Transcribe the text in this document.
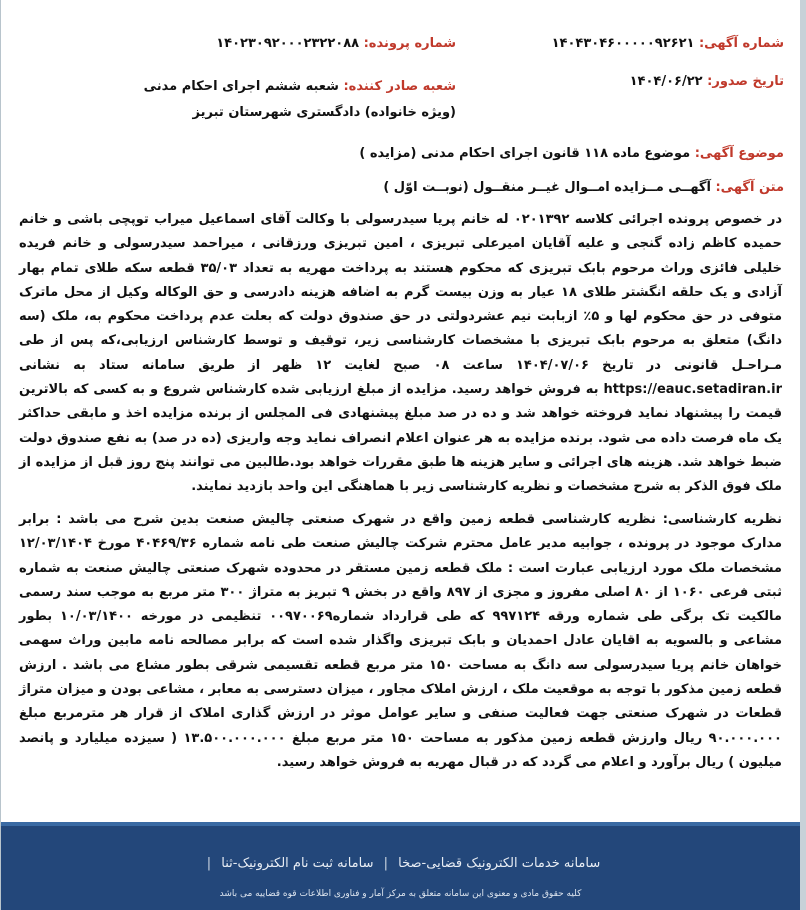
شماره آگهی: ۱۴۰۴۳۰۴۶۰۰۰۰۰۹۲۶۲۱
شماره پرونده: ۱۴۰۲۳۰۹۲۰۰۰۲۳۲۲۰۸۸
تاریخ صدور: ۱۴۰۴/۰۶/۲۲
شعبه صادر کننده: شعبه ششم اجرای احکام مدنی (ویژه خانواده) دادگستری شهرستان تبریز
موضوع آگهی: موضوع ماده ۱۱۸ قانون اجرای احکام مدنی (مزایده )
متن آگهی: آگهــی مــزایده امــوال غیــر منقــول (نوبــت اوّل )
در خصوص پرونده اجرائی کلاسه ۰۲۰۱۳۹۲ له خانم پریا سیدرسولی با وکالت آقای اسماعیل میراب توپچی باشی و خانم حمیده کاظم زاده گنجی و علیه آقایان امیرعلی تبریزی ، امین تبریزی ورزقانی ، میراحمد سیدرسولی و خانم فریده خلیلی فائزی وراث مرحوم بابک تبریزی که محکوم هستند به پرداخت مهریه به تعداد ۳۵/۰۳ قطعه سکه طلای تمام بهار آزادی و یک حلقه انگشتر طلای ۱۸ عیار به وزن بیست گرم به اضافه هزینه دادرسی و حق الوکاله وکیل از محل ماترک متوفی در حق محکوم لها و ۵٪ ازبابت نیم عشردولتی در حق صندوق دولت که بعلت عدم پرداخت محکوم به، ملک (سه دانگ) متعلق به مرحوم بابک تبریزی با مشخصات کارشناسی زیر، توقیف و توسط کارشناس ارزیابی،که پس از طی مـراحـل قانونی در تاریخ ۱۴۰۴/۰۷/۰۶ ساعت ۰۸ صبح لغایت ۱۲ ظهر از طریق سامانه ستاد به نشانی https://eauc.setadiran.ir به فروش خواهد رسید. مزایده از مبلغ ارزیابی شده کارشناس شروع و به کسی که بالاترین قیمت را پیشنهاد نماید فروخته خواهد شد و ده در صد مبلغ پیشنهادی فی المجلس از برنده مزایده اخذ و مابقی حداکثر یک ماه فرصت داده می شود. برنده مزایده به هر عنوان اعلام انصراف نماید وجه واریزی (ده در صد) به نفع صندوق دولت ضبط خواهد شد. هزینه های اجرائی و سایر هزینه ها طبق مقررات خواهد بود.طالبین می توانند پنج روز قبل از مزایده از ملک فوق الذکر به شرح مشخصات و نظریه کارشناسی زیر با هماهنگی این واحد بازدید نمایند.
نظریه کارشناسی: نظریه کارشناسی قطعه زمین واقع در شهرک صنعتی چالیش صنعت بدین شرح می باشد : برابر مدارک موجود در پرونده ، جوابیه مدیر عامل محترم شرکت چالیش صنعت طی نامه شماره ۴۰۴۶۹/۳۶ مورخ ۱۲/۰۳/۱۴۰۴ مشخصات ملک مورد ارزیابی عبارت است : ملک قطعه زمین مستقر در محدوده شهرک صنعتی چالیش صنعت به شماره ثبتی فرعی ۱۰۶۰ از ۸۰ اصلی مفروز و مجزی از ۸۹۷ واقع در بخش ۹ تبریز به متراژ ۳۰۰ متر مربع به موجب سند رسمی مالکیت تک برگی طی شماره ورقه ۹۹۷۱۲۴ که طی قرارداد شماره۰۰۹۷۰۰۶۹ تنظیمی در مورخه ۱۰/۰۳/۱۴۰۰ بطور مشاعی و بالسویه به اقایان عادل احمدیان و بابک تبریزی واگذار شده است که برابر مصالحه نامه مابین وراث سهمی خواهان خانم پریا سیدرسولی سه دانگ به مساحت ۱۵۰ متر مربع قطعه تقسیمی شرقی بطور مشاع می باشد . ارزش قطعه زمین مذکور با توجه به موقعیت ملک ، ارزش املاک مجاور ، میزان دسترسی به معابر ، مشاعی بودن و میزان متراژ قطعات در شهرک صنعتی جهت فعالیت صنفی و سایر عوامل موثر در ارزش گذاری املاک از قرار هر مترمربع مبلغ ۹۰.۰۰۰.۰۰۰ ریال وارزش قطعه زمین مذکور به مساحت ۱۵۰ متر مربع مبلغ ۱۳.۵۰۰.۰۰۰.۰۰۰ ( سیزده میلیارد و پانصد میلیون ) ریال برآورد و اعلام می گردد که در قبال مهریه به فروش خواهد رسید.
سامانه خدمات الکترونیک قضایی-صخا | سامانه ثبت نام الکترونیک-ثنا |
کلیه حقوق مادی و معنوی این سامانه متعلق به مرکز آمار و فناوری اطلاعات قوه قضاییه می باشد
